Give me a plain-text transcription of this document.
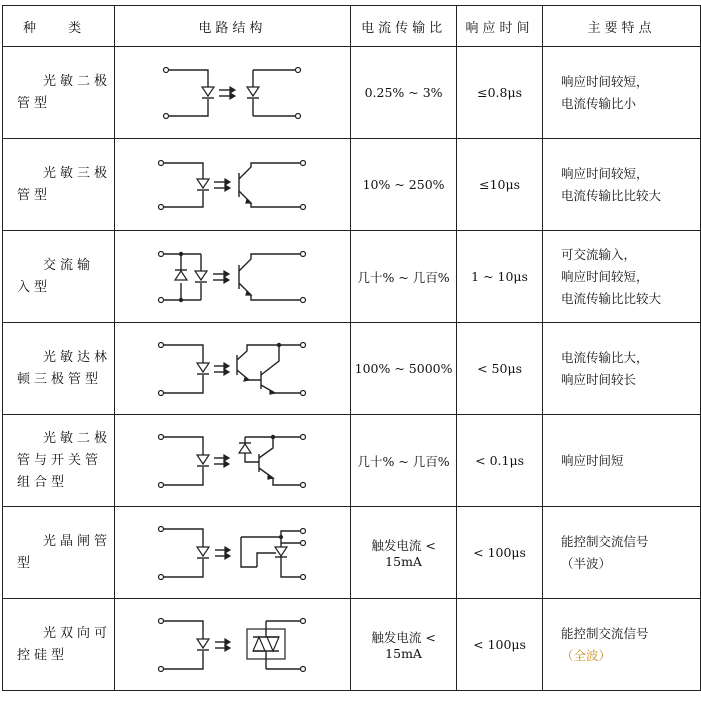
种 类	电路结构	电流传输比	响应时间	主要特点

光敏二极
管型		0.25% ~ 3%	≤0.8μs	响应时间较短，
电流传输比小

光敏三极
管型		10% ~ 250%	≤10μs	响应时间较短，
电流传输比比较大

交流输
入型		几十% ~ 几百%	1 ~ 10μs	可交流输入，
响应时间较短，
电流传输比比较大

光敏达林
顿三极管型		100% ~ 5000%	< 50μs	电流传输比大，
响应时间较长

光敏二极
管与开关管
组合型		几十% ~ 几百%	< 0.1μs	响应时间短

光晶闸管
型		触发电流 < 15mA	< 100μs	能控制交流信号
（半波）

光双向可
控硅型		触发电流 < 15mA	< 100μs	能控制交流信号
（全波）
